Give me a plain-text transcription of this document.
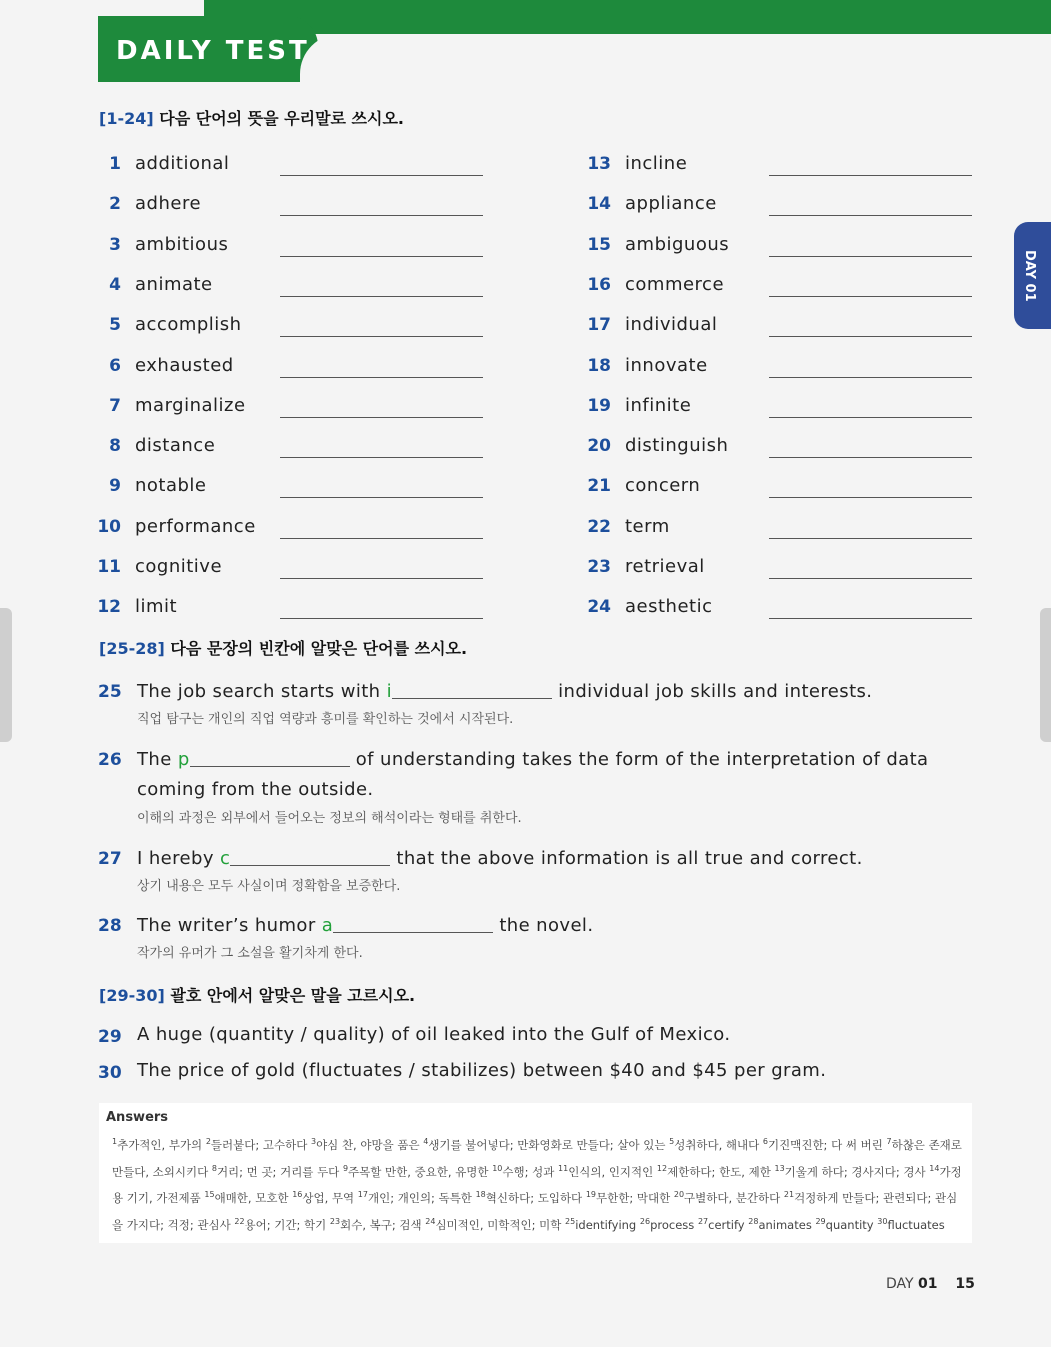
DAILY TEST
DAY 01
[1-24] 다음 단어의 뜻을 우리말로 쓰시오.
1 additional
2 adhere
3 ambitious
4 animate
5 accomplish
6 exhausted
7 marginalize
8 distance
9 notable
10 performance
11 cognitive
12 limit
13 incline
14 appliance
15 ambiguous
16 commerce
17 individual
18 innovate
19 infinite
20 distinguish
21 concern
22 term
23 retrieval
24 aesthetic
[25-28] 다음 문장의 빈칸에 알맞은 단어를 쓰시오.
25 The job search starts with i	individual job skills and interests.
직업 탐구는 개인의 직업 역량과 흥미를 확인하는 것에서 시작된다.
26 The p	of understanding takes the form of the interpretation of data
coming from the outside.
이해의 과정은 외부에서 들어오는 정보의 해석이라는 형태를 취한다.
27 I hereby c	that the above information is all true and correct.
상기 내용은 모두 사실이며 정확함을 보증한다.
28 The writer’s humor a	the novel.
작가의 유머가 그 소설을 활기차게 한다.
[29-30] 괄호 안에서 알맞은 말을 고르시오.
29 A huge (quantity / quality) of oil leaked into the Gulf of Mexico.
30 The price of gold (fluctuates / stabilizes) between $40 and $45 per gram.
Answers
$^1$추가적인, 부가의 $^2$들러붙다; 고수하다 $^3$야심 찬, 야망을 품은 $^4$생기를 불어넣다; 만화영화로 만들다; 살아 있는 $^5$성취하다, 해내다 $^6$기진맥진한; 다 써 버린 $^7$하찮은 존재로 만들다, 소외시키다 $^8$거리; 먼 곳; 거리를 두다 $^9$주목할 만한, 중요한, 유명한 $^{10}$수행; 성과 $^{11}$인식의, 인지적인 $^{12}$제한하다; 한도, 제한 $^{13}$기울게 하다; 경사지다; 경사 $^{14}$가정용 기기, 가전제품 $^{15}$애매한, 모호한 $^{16}$상업, 무역 $^{17}$개인; 개인의; 독특한 $^{18}$혁신하다; 도입하다 $^{19}$무한한; 막대한 $^{20}$구별하다, 분간하다 $^{21}$걱정하게 만들다; 관련되다; 관심을 가지다; 걱정; 관심사 $^{22}$용어; 기간; 학기 $^{23}$회수, 복구; 검색 $^{24}$심미적인, 미학적인; 미학 $^{25}$identifying $^{26}$process $^{27}$certify $^{28}$animates $^{29}$quantity $^{30}$fluctuates
DAY 01 15
